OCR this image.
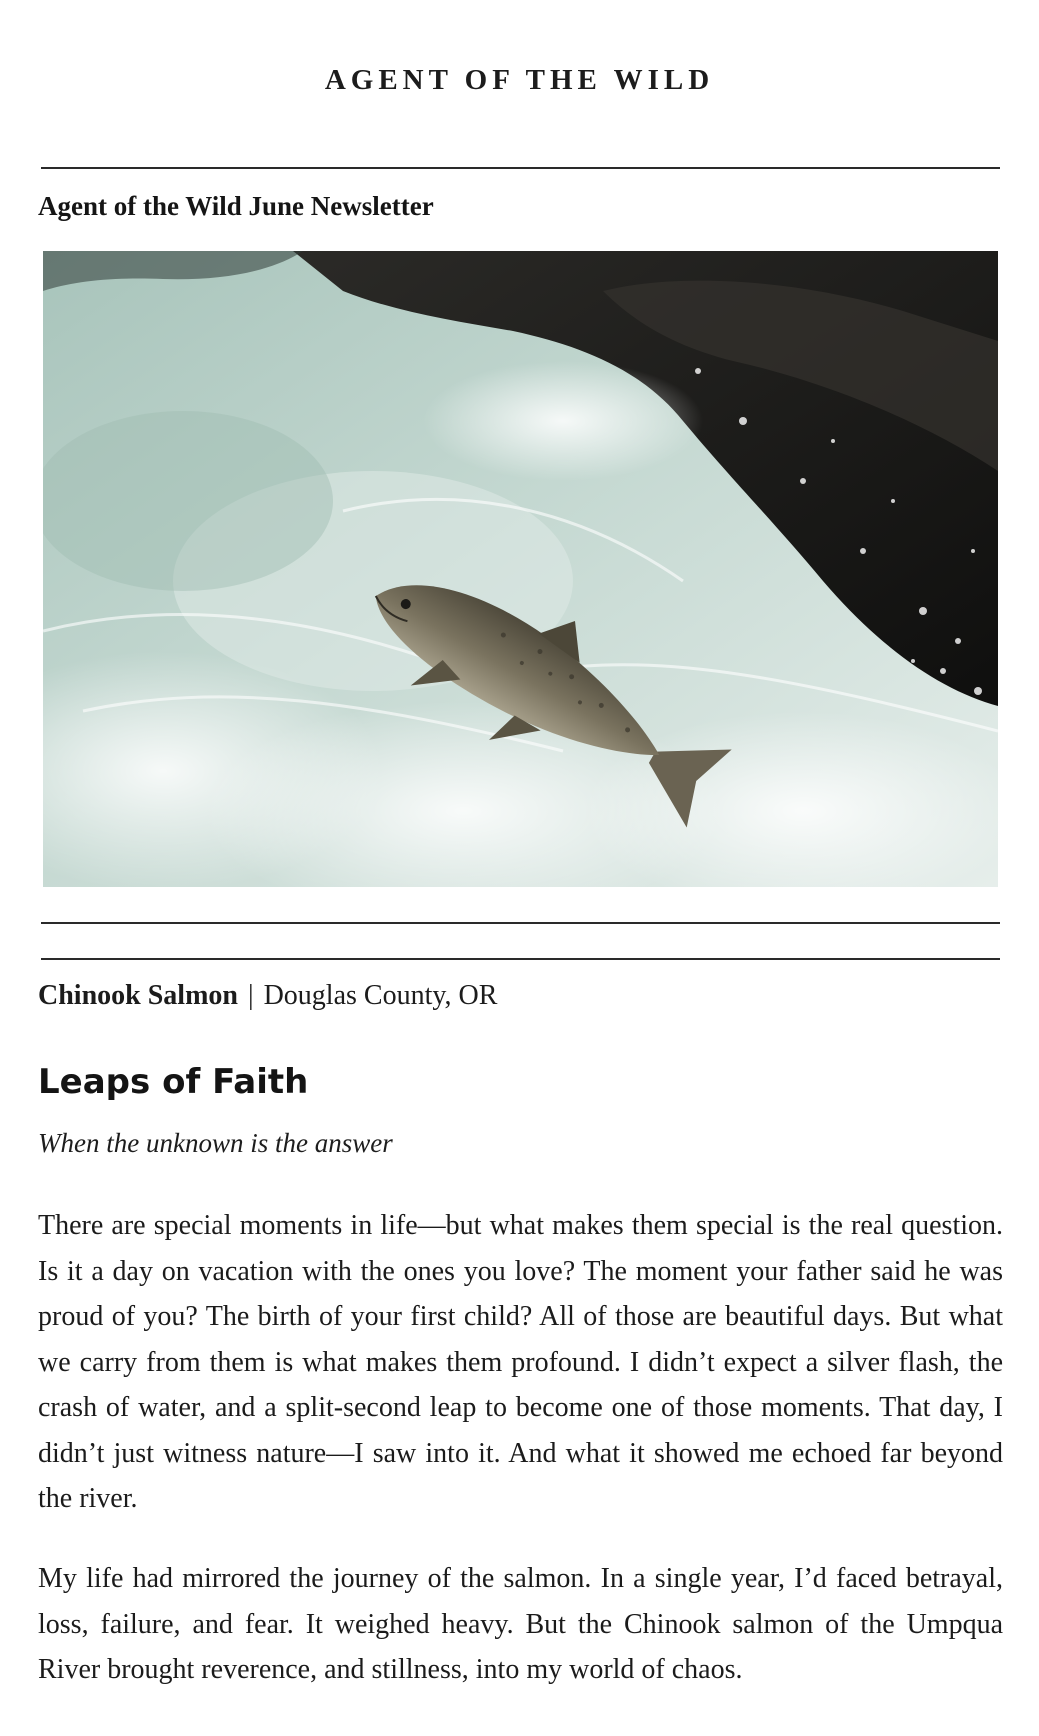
AGENT OF THE WILD
Agent of the Wild June Newsletter
Chinook Salmon | Douglas County, OR
Leaps of Faith

When the unknown is the answer

There are special moments in life—but what makes them special is the real question. Is it a day on vacation with the ones you love? The moment your father said he was proud of you? The birth of your first child? All of those are beautiful days. But what we carry from them is what makes them profound. I didn’t expect a silver flash, the crash of water, and a split-second leap to become one of those moments. That day, I didn’t just witness nature—I saw into it. And what it showed me echoed far beyond the river.

My life had mirrored the journey of the salmon. In a single year, I’d faced betrayal, loss, failure, and fear. It weighed heavy. But the Chinook salmon of the Umpqua River brought reverence, and stillness, into my world of chaos.
